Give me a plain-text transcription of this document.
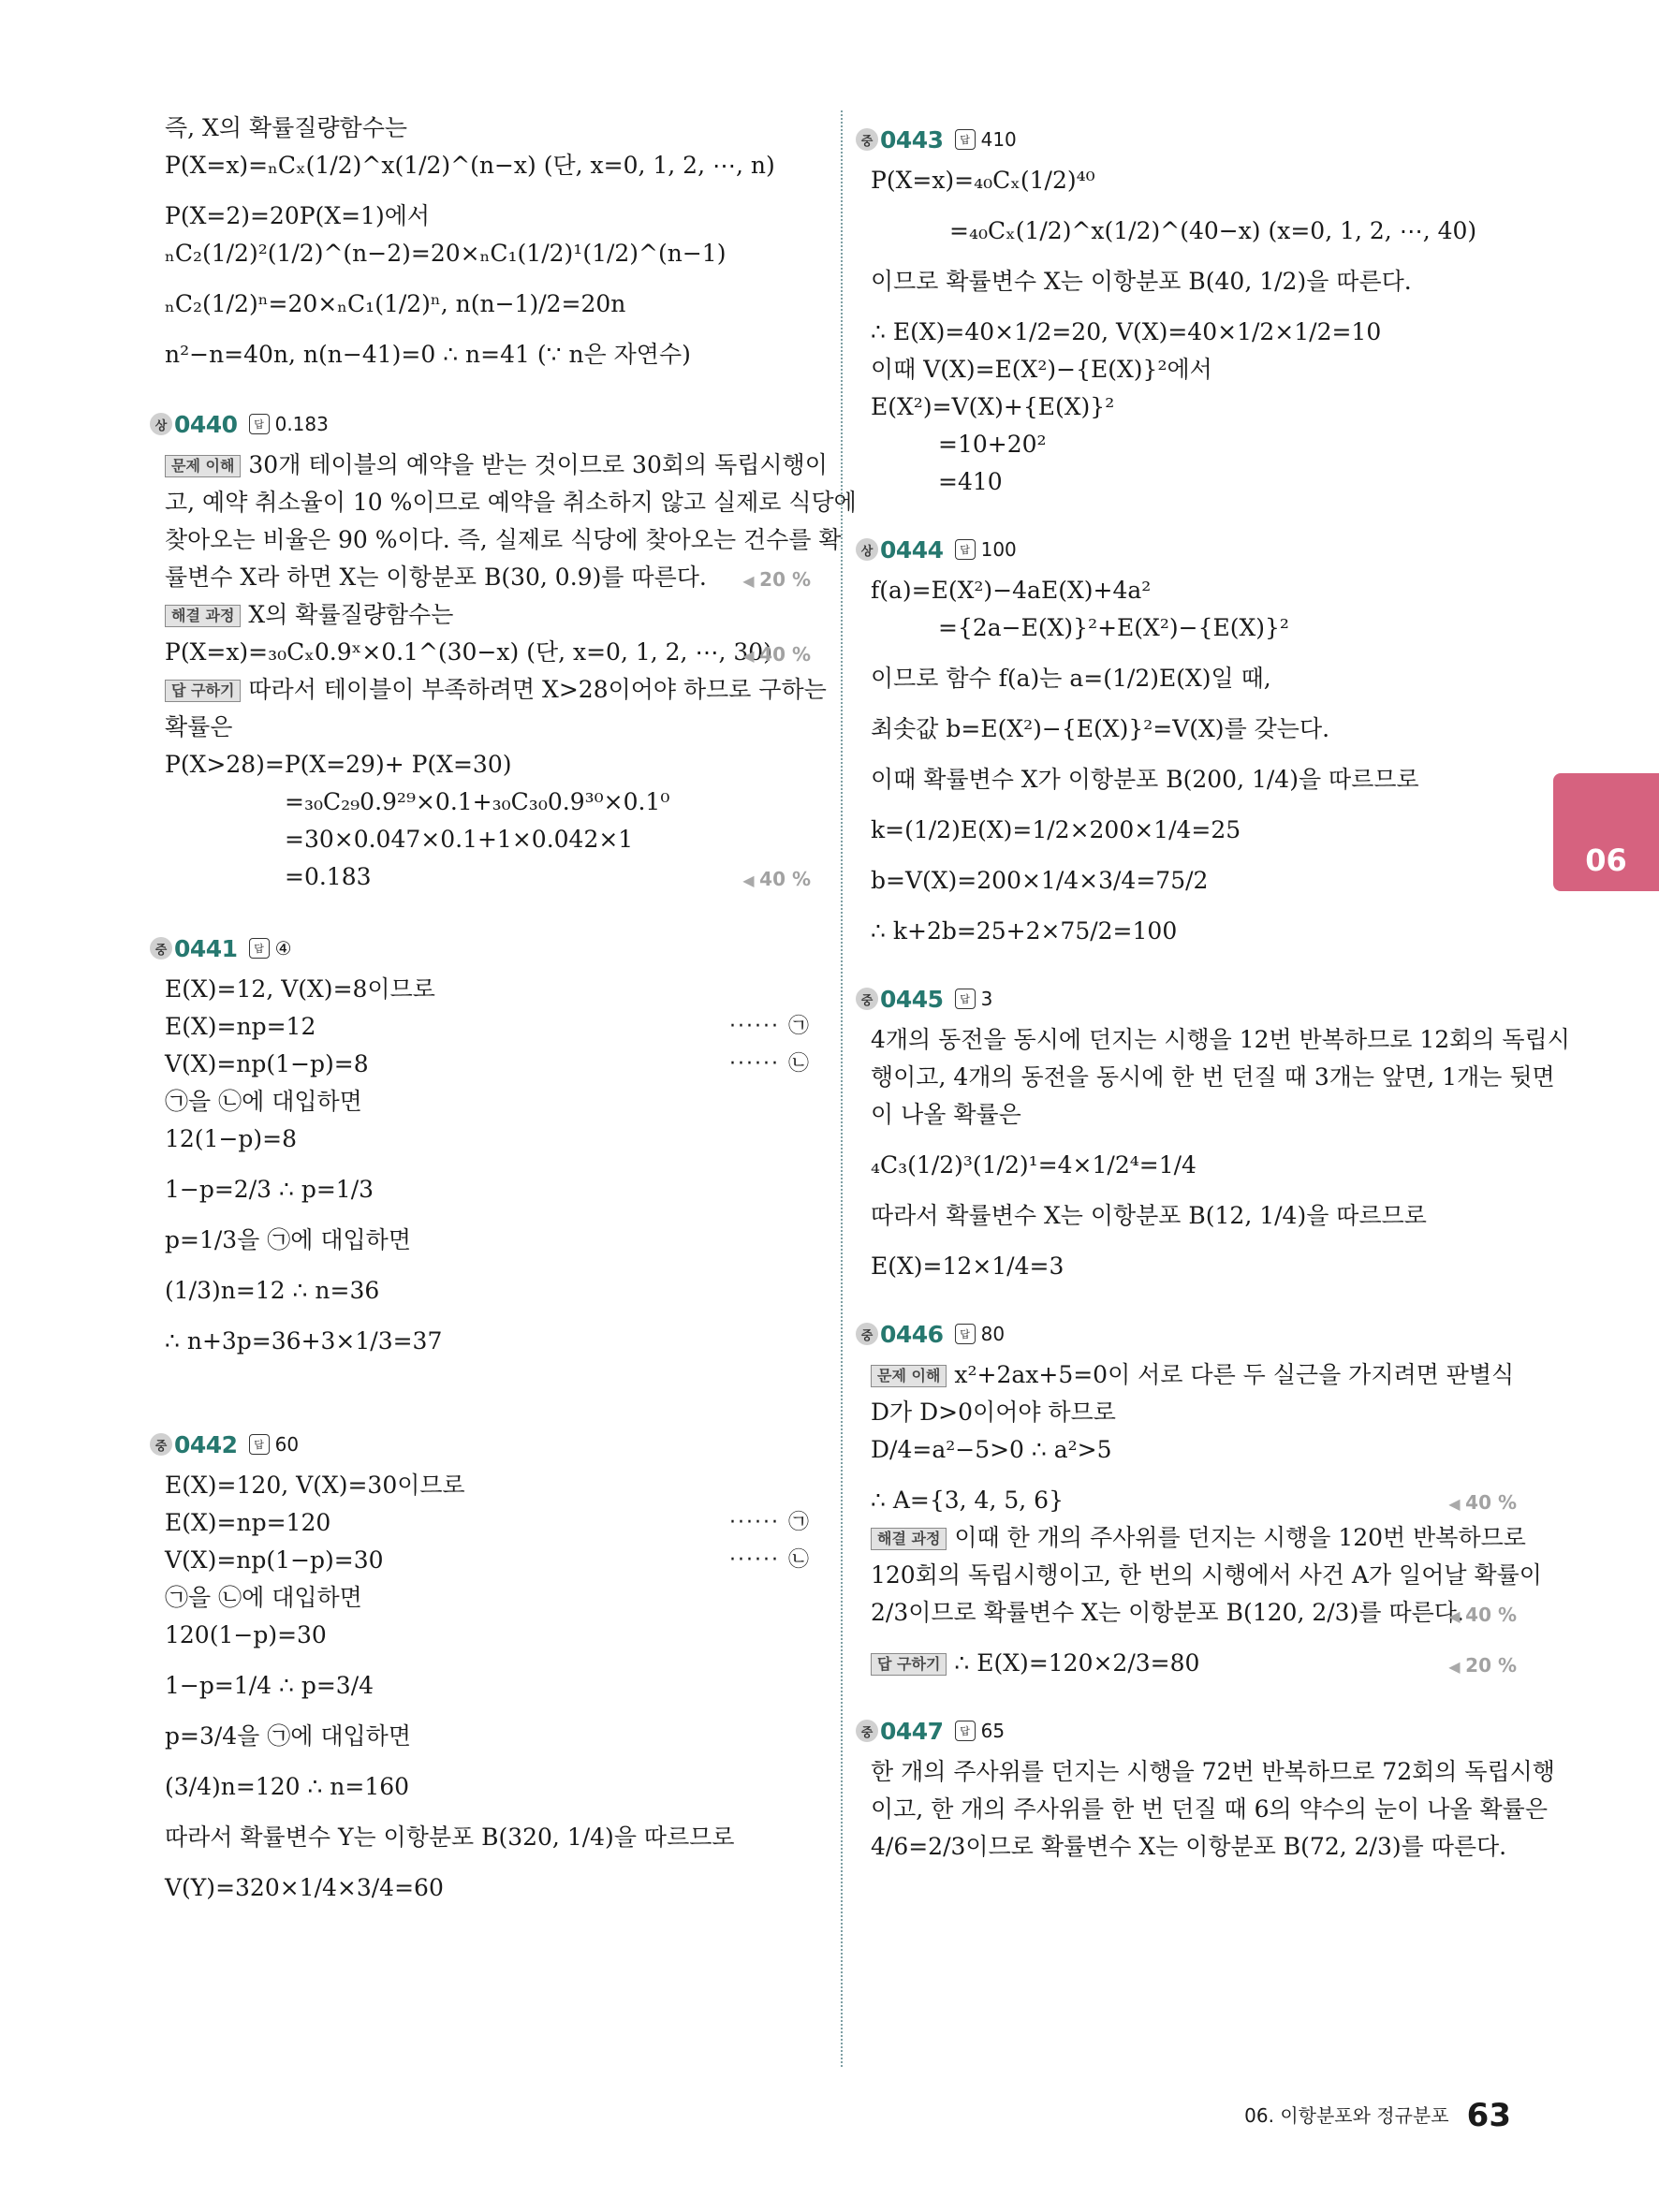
즉, X의 확률질량함수는
P(X=x)=ₙCₓ(1/2)^x(1/2)^(n−x) (단, x=0, 1, 2, ⋯, n)
P(X=2)=20P(X=1)에서
ₙC₂(1/2)²(1/2)^(n−2)=20×ₙC₁(1/2)¹(1/2)^(n−1)
ₙC₂(1/2)ⁿ=20×ₙC₁(1/2)ⁿ, n(n−1)/2=20n
n²−n=40n, n(n−41)=0 ∴ n=41 (∵ n은 자연수)
상 0440	답 0.183
문제 이해 30개 테이블의 예약을 받는 것이므로 30회의 독립시행이
고, 예약 취소율이 10 %이므로 예약을 취소하지 않고 실제로 식당에
찾아오는 비율은 90 %이다. 즉, 실제로 식당에 찾아오는 건수를 확
률변수 X라 하면 X는 이항분포 B(30, 0.9)를 따른다.	◀ 20 %
해결 과정 X의 확률질량함수는
P(X=x)=₃₀Cₓ0.9ˣ×0.1^(30−x) (단, x=0, 1, 2, ⋯, 30)
◀ 40 %
답 구하기 따라서 테이블이 부족하려면 X>28이어야 하므로 구하는
확률은
P(X>28)=P(X=29)+ P(X=30)
=₃₀C₂₉0.9²⁹×0.1+₃₀C₃₀0.9³⁰×0.1⁰
=30×0.047×0.1+1×0.042×1
=0.183	◀ 40 %
중 0441	답 ④
E(X)=12, V(X)=8이므로
E(X)=np=12	······ ㉠
V(X)=np(1−p)=8	······ ㉡
㉠을 ㉡에 대입하면
12(1−p)=8
1−p=2/3 ∴ p=1/3
p=1/3을 ㉠에 대입하면
(1/3)n=12 ∴ n=36
∴ n+3p=36+3×1/3=37
중 0442	답 60
E(X)=120, V(X)=30이므로
E(X)=np=120	······ ㉠
V(X)=np(1−p)=30	······ ㉡
㉠을 ㉡에 대입하면
120(1−p)=30
1−p=1/4 ∴ p=3/4
p=3/4을 ㉠에 대입하면
(3/4)n=120 ∴ n=160
따라서 확률변수 Y는 이항분포 B(320, 1/4)을 따르므로
V(Y)=320×1/4×3/4=60
중 0443	답 410
P(X=x)=₄₀Cₓ(1/2)⁴⁰
=₄₀Cₓ(1/2)^x(1/2)^(40−x) (x=0, 1, 2, ⋯, 40)
이므로 확률변수 X는 이항분포 B(40, 1/2)을 따른다.
∴ E(X)=40×1/2=20, V(X)=40×1/2×1/2=10
이때 V(X)=E(X²)−{E(X)}²에서
E(X²)=V(X)+{E(X)}²
=10+20²
=410
상 0444	답 100
f(a)=E(X²)−4aE(X)+4a²
={2a−E(X)}²+E(X²)−{E(X)}²
이므로 함수 f(a)는 a=(1/2)E(X)일 때,
최솟값 b=E(X²)−{E(X)}²=V(X)를 갖는다.
이때 확률변수 X가 이항분포 B(200, 1/4)을 따르므로
k=(1/2)E(X)=1/2×200×1/4=25
b=V(X)=200×1/4×3/4=75/2
∴ k+2b=25+2×75/2=100
중 0445	답 3
4개의 동전을 동시에 던지는 시행을 12번 반복하므로 12회의 독립시
행이고, 4개의 동전을 동시에 한 번 던질 때 3개는 앞면, 1개는 뒷면
이 나올 확률은
₄C₃(1/2)³(1/2)¹=4×1/2⁴=1/4
따라서 확률변수 X는 이항분포 B(12, 1/4)을 따르므로
E(X)=12×1/4=3
중 0446	답 80
문제 이해 x²+2ax+5=0이 서로 다른 두 실근을 가지려면 판별식
D가 D>0이어야 하므로
D/4=a²−5>0 ∴ a²>5
∴ A={3, 4, 5, 6}	◀ 40 %
해결 과정 이때 한 개의 주사위를 던지는 시행을 120번 반복하므로
120회의 독립시행이고, 한 번의 시행에서 사건 A가 일어날 확률이
2/3이므로 확률변수 X는 이항분포 B(120, 2/3)를 따른다. ◀ 40 %
답 구하기 ∴ E(X)=120×2/3=80	◀ 20 %
중 0447	답 65
한 개의 주사위를 던지는 시행을 72번 반복하므로 72회의 독립시행
이고, 한 개의 주사위를 한 번 던질 때 6의 약수의 눈이 나올 확률은
4/6=2/3이므로 확률변수 X는 이항분포 B(72, 2/3)를 따른다.
06
06. 이항분포와 정규분포 63
